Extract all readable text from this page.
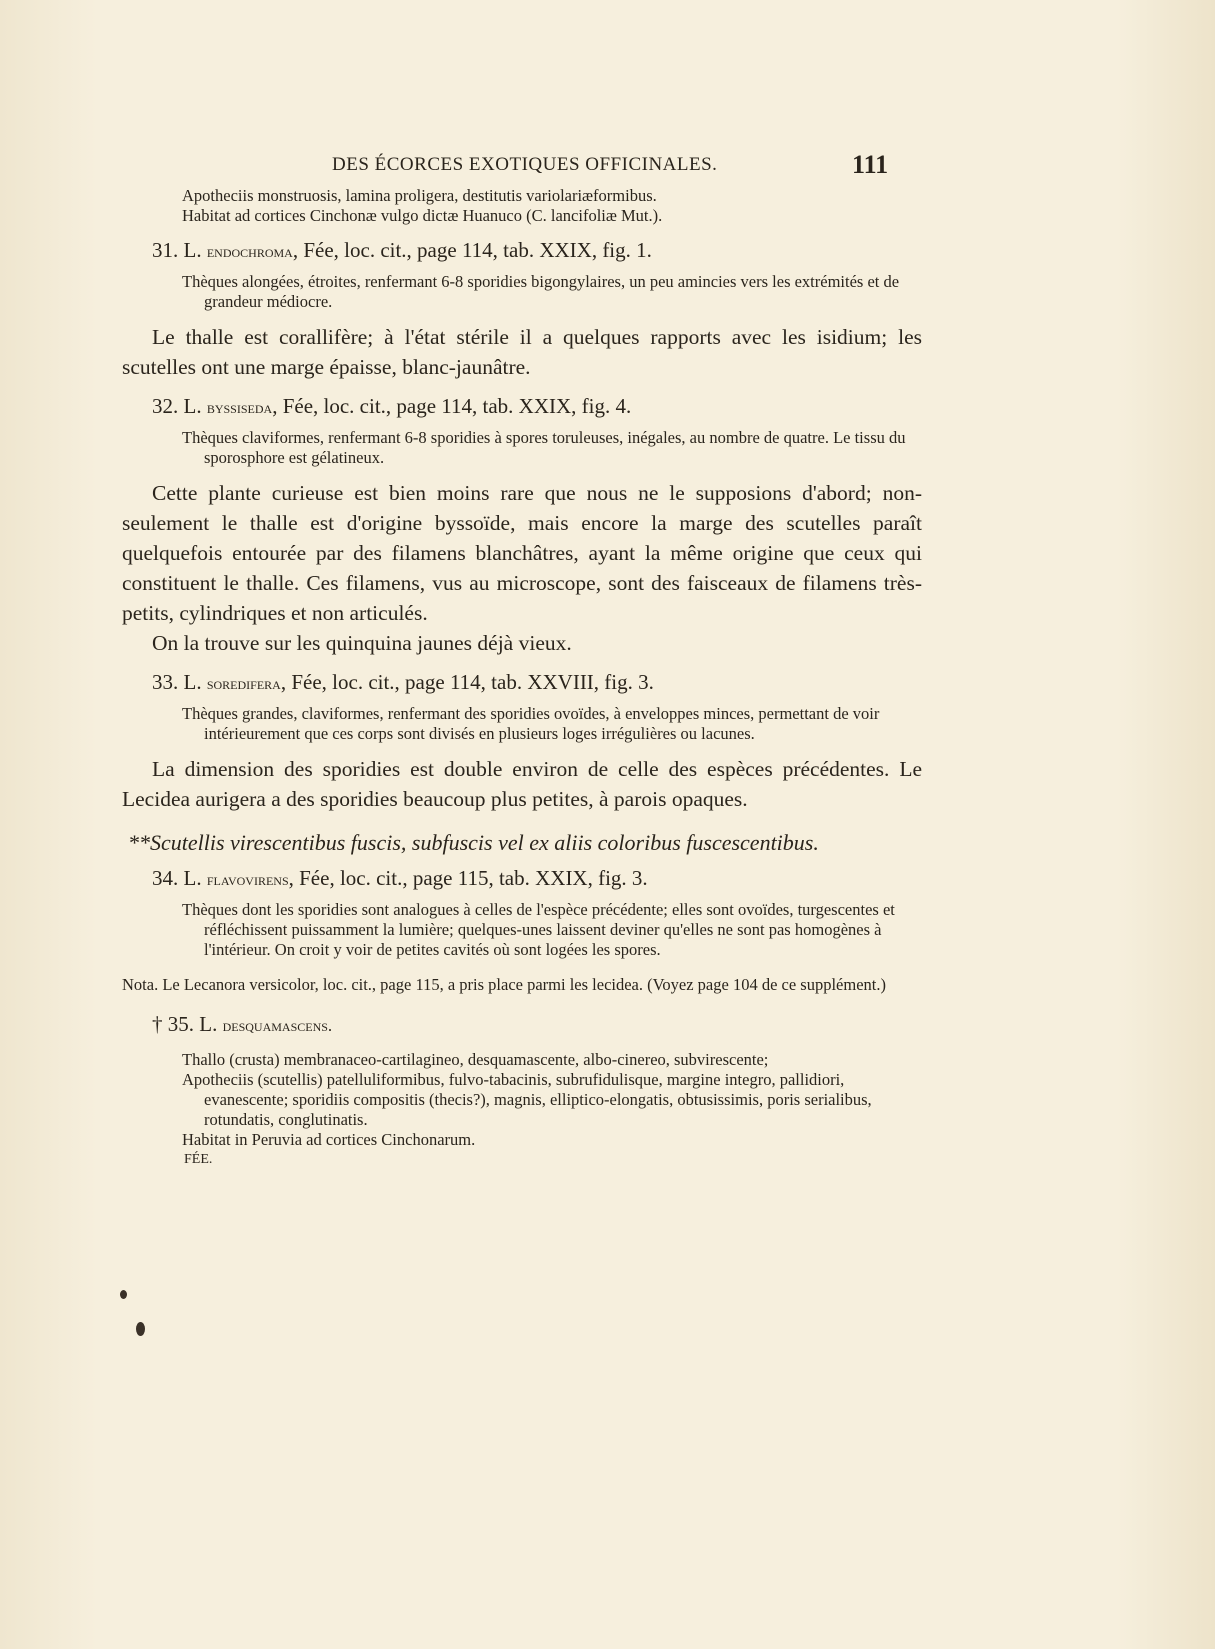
DES ÉCORCES EXOTIQUES OFFICINALES.	111
Apotheciis monstruosis, lamina proligera, destitutis variolariæformibus.
Habitat ad cortices Cinchonæ vulgo dictæ Huanuco (C. lancifoliæ Mut.).

31. L. endochroma, Fée, loc. cit., page 114, tab. XXIX, fig. 1.

Thèques alongées, étroites, renfermant 6-8 sporidies bigongylaires, un peu amincies vers les extrémités et de grandeur médiocre.

Le thalle est corallifère; à l'état stérile il a quelques rapports avec les isidium; les scutelles ont une marge épaisse, blanc-jaunâtre.

32. L. byssiseda, Fée, loc. cit., page 114, tab. XXIX, fig. 4.

Thèques claviformes, renfermant 6-8 sporidies à spores toruleuses, inégales, au nombre de quatre. Le tissu du sporosphore est gélatineux.

Cette plante curieuse est bien moins rare que nous ne le supposions d'abord; non-seulement le thalle est d'origine byssoïde, mais encore la marge des scutelles paraît quelquefois entourée par des filamens blanchâtres, ayant la même origine que ceux qui constituent le thalle. Ces filamens, vus au microscope, sont des faisceaux de filamens très-petits, cylindriques et non articulés.

On la trouve sur les quinquina jaunes déjà vieux.

33. L. soredifera, Fée, loc. cit., page 114, tab. XXVIII, fig. 3.

Thèques grandes, claviformes, renfermant des sporidies ovoïdes, à enveloppes minces, permettant de voir intérieurement que ces corps sont divisés en plusieurs loges irrégulières ou lacunes.

La dimension des sporidies est double environ de celle des espèces précédentes. Le Lecidea aurigera a des sporidies beaucoup plus petites, à parois opaques.

**Scutellis virescentibus fuscis, subfuscis vel ex aliis coloribus fuscescentibus.

34. L. flavovirens, Fée, loc. cit., page 115, tab. XXIX, fig. 3.

Thèques dont les sporidies sont analogues à celles de l'espèce précédente; elles sont ovoïdes, turgescentes et réfléchissent puissamment la lumière; quelques-unes laissent deviner qu'elles ne sont pas homogènes à l'intérieur. On croit y voir de petites cavités où sont logées les spores.

Nota. Le Lecanora versicolor, loc. cit., page 115, a pris place parmi les lecidea. (Voyez page 104 de ce supplément.)

† 35. L. desquamascens.

Thallo (crusta) membranaceo-cartilagineo, desquamascente, albo-cinereo, subvirescente;
Apotheciis (scutellis) patelluliformibus, fulvo-tabacinis, subrufidulisque, margine integro, pallidiori, evanescente; sporidiis compositis (thecis?), magnis, elliptico-elongatis, obtusissimis, poris serialibus, rotundatis, conglutinatis.
Habitat in Peruvia ad cortices Cinchonarum.
FÉE.
